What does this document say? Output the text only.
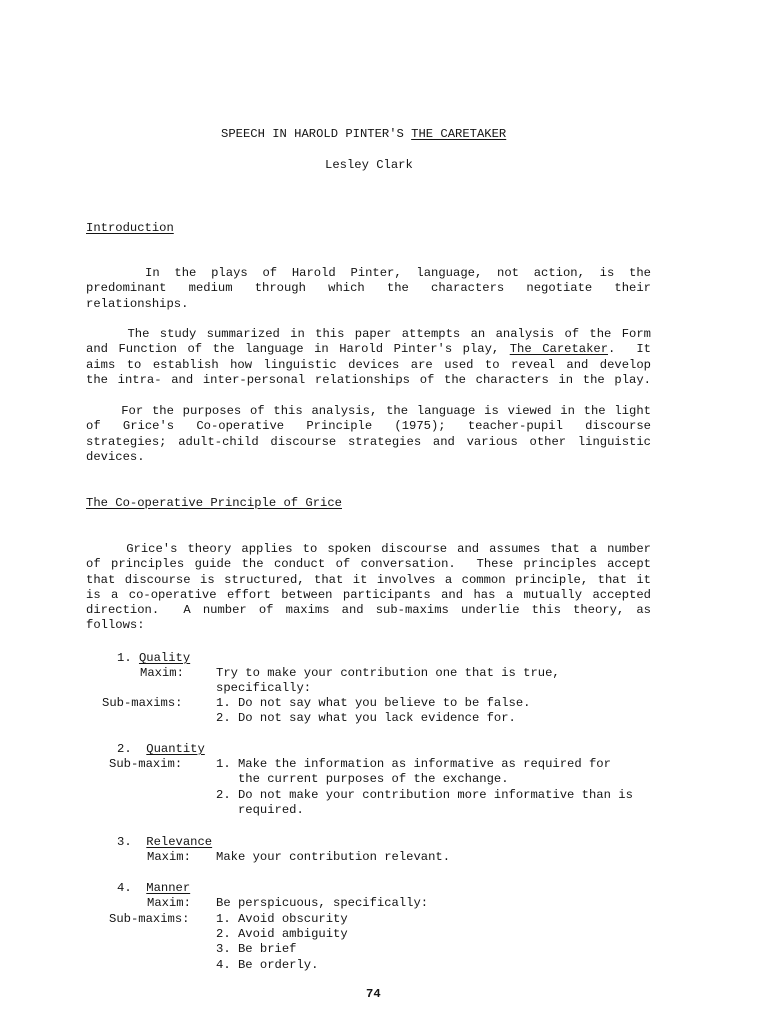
SPEECH IN HAROLD PINTER'S THE CARETAKER
Lesley Clark
Introduction
In the plays of Harold Pinter, language, not action, is the
predominant medium through which the characters negotiate their
relationships.
The study summarized in this paper attempts an analysis of the Form
and Function of the language in Harold Pinter's play, The Caretaker.  It
aims to establish how linguistic devices are used to reveal and develop
the intra- and inter-personal relationships of the characters in the play.
For the purposes of this analysis, the language is viewed in the light
of Grice's Co-operative Principle (1975); teacher-pupil discourse
strategies; adult-child discourse strategies and various other linguistic
devices.
The Co-operative Principle of Grice
Grice's theory applies to spoken discourse and assumes that a number
of principles guide the conduct of conversation.  These principles accept
that discourse is structured, that it involves a common principle, that it
is a co-operative effort between participants and has a mutually accepted
direction.  A number of maxims and sub-maxims underlie this theory, as
follows:
1. Quality
Maxim:	Try to make your contribution one that is true,
specifically:
Sub-maxims:	1. Do not say what you believe to be false.
2. Do not say what you lack evidence for.
2. Quantity
Sub-maxim:	1. Make the information as informative as required for
the current purposes of the exchange.
2. Do not make your contribution more informative than is
required.
3. Relevance
Maxim: Make your contribution relevant.
4. Manner
Maxim: Be perspicuous, specifically:
Sub-maxims: 1. Avoid obscurity
2. Avoid ambiguity
3. Be brief
4. Be orderly.
74
